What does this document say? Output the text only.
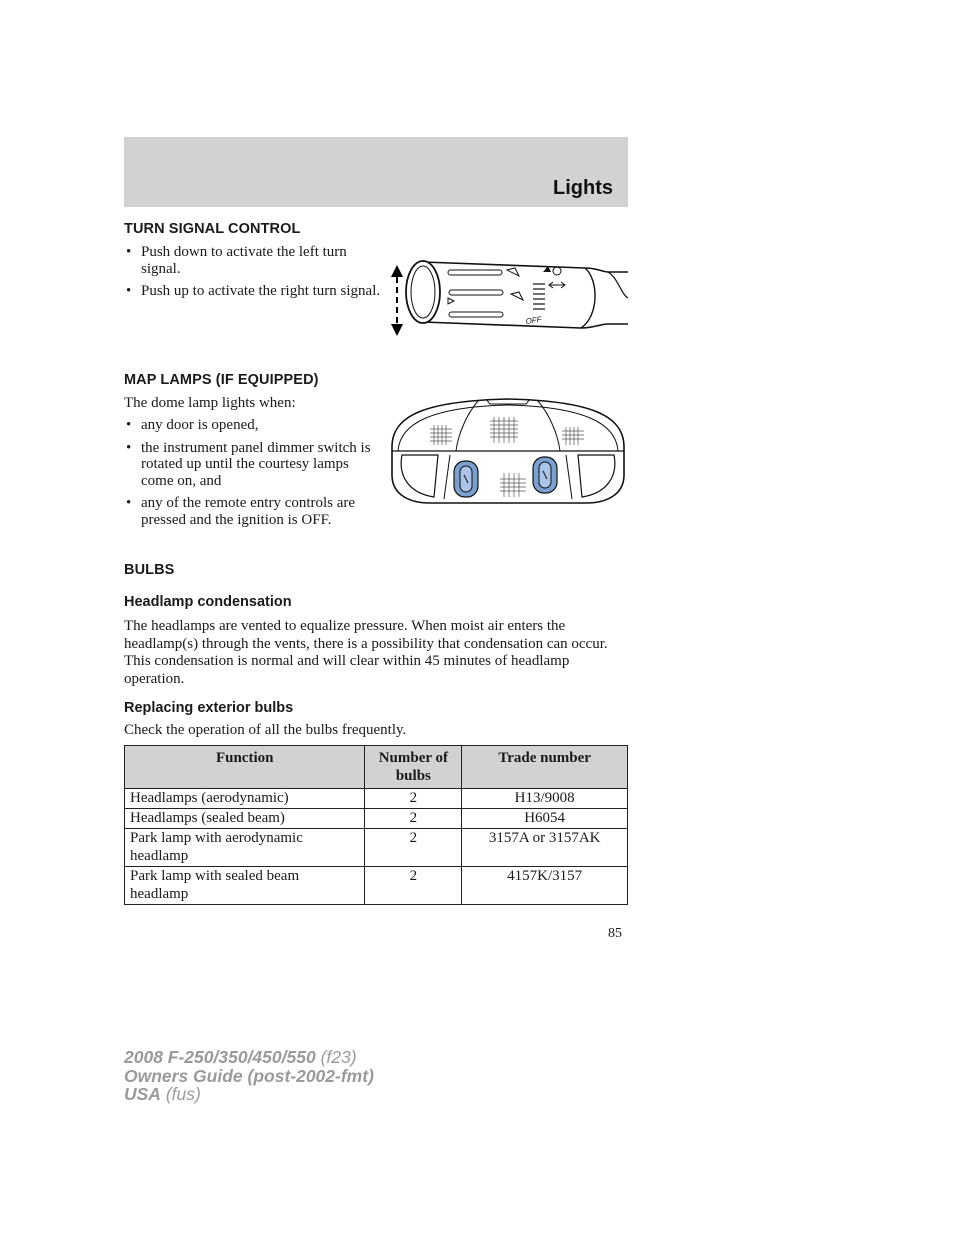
Lights
TURN SIGNAL CONTROL
• Push down to activate the left turn signal.
• Push up to activate the right turn signal.
OFF
MAP LAMPS (IF EQUIPPED)
The dome lamp lights when:
• any door is opened,
• the instrument panel dimmer switch is rotated up until the courtesy lamps come on, and
• any of the remote entry controls are pressed and the ignition is OFF.
BULBS
Headlamp condensation
The headlamps are vented to equalize pressure. When moist air enters the headlamp(s) through the vents, there is a possibility that condensation can occur. This condensation is normal and will clear within 45 minutes of headlamp operation.
Replacing exterior bulbs
Check the operation of all the bulbs frequently.
Function	Number of bulbs	Trade number
Headlamps (aerodynamic)	2	H13/9008
Headlamps (sealed beam)	2	H6054
Park lamp with aerodynamic headlamp	2	3157A or 3157AK
Park lamp with sealed beam headlamp	2	4157K/3157
85
2008 F-250/350/450/550 (f23)
Owners Guide (post-2002-fmt)
USA (fus)
